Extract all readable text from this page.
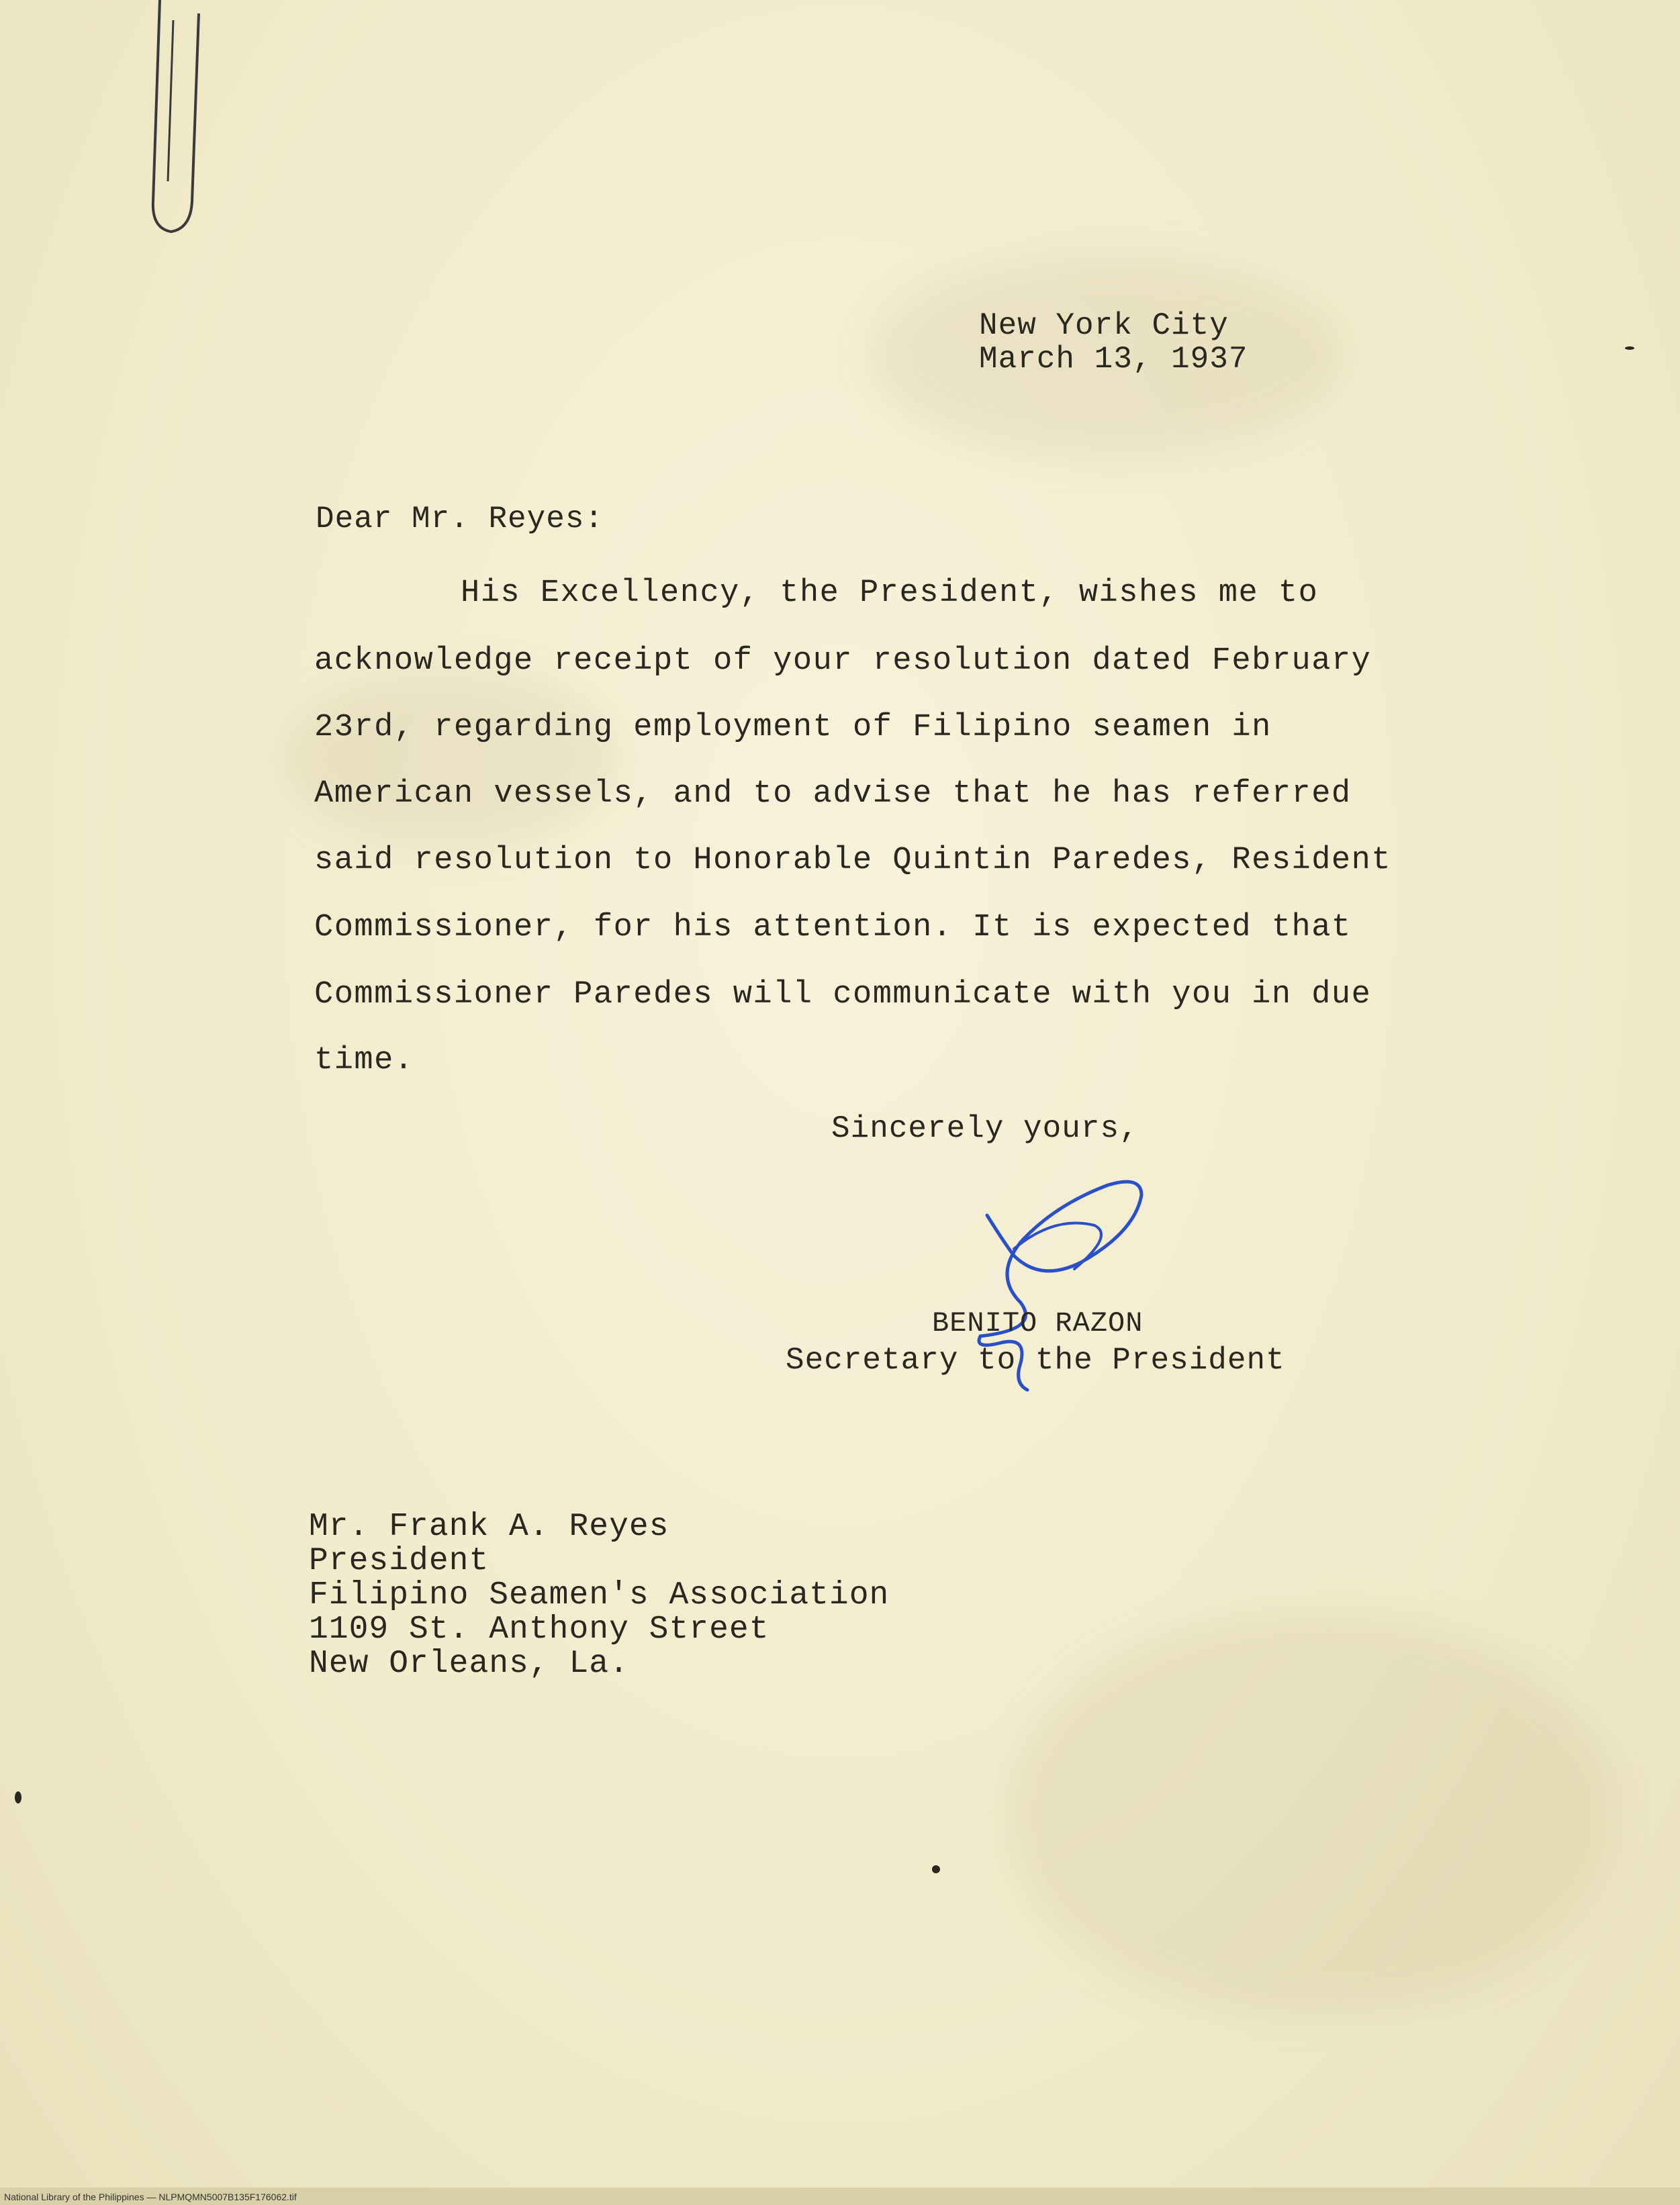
New York City
March 13, 1937
Dear Mr. Reyes:
His Excellency, the President, wishes me to
acknowledge receipt of your resolution dated February
23rd, regarding employment of Filipino seamen in
American vessels, and to advise that he has referred
said resolution to Honorable Quintin Paredes, Resident
Commissioner, for his attention. It is expected that
Commissioner Paredes will communicate with you in due
time.
Sincerely yours,
BENITO RAZON
Secretary to the President
Mr. Frank A. Reyes
President
Filipino Seamen's Association
1109 St. Anthony Street
New Orleans, La.
National Library of the Philippines — NLPMQMN5007B135F176062.tif
